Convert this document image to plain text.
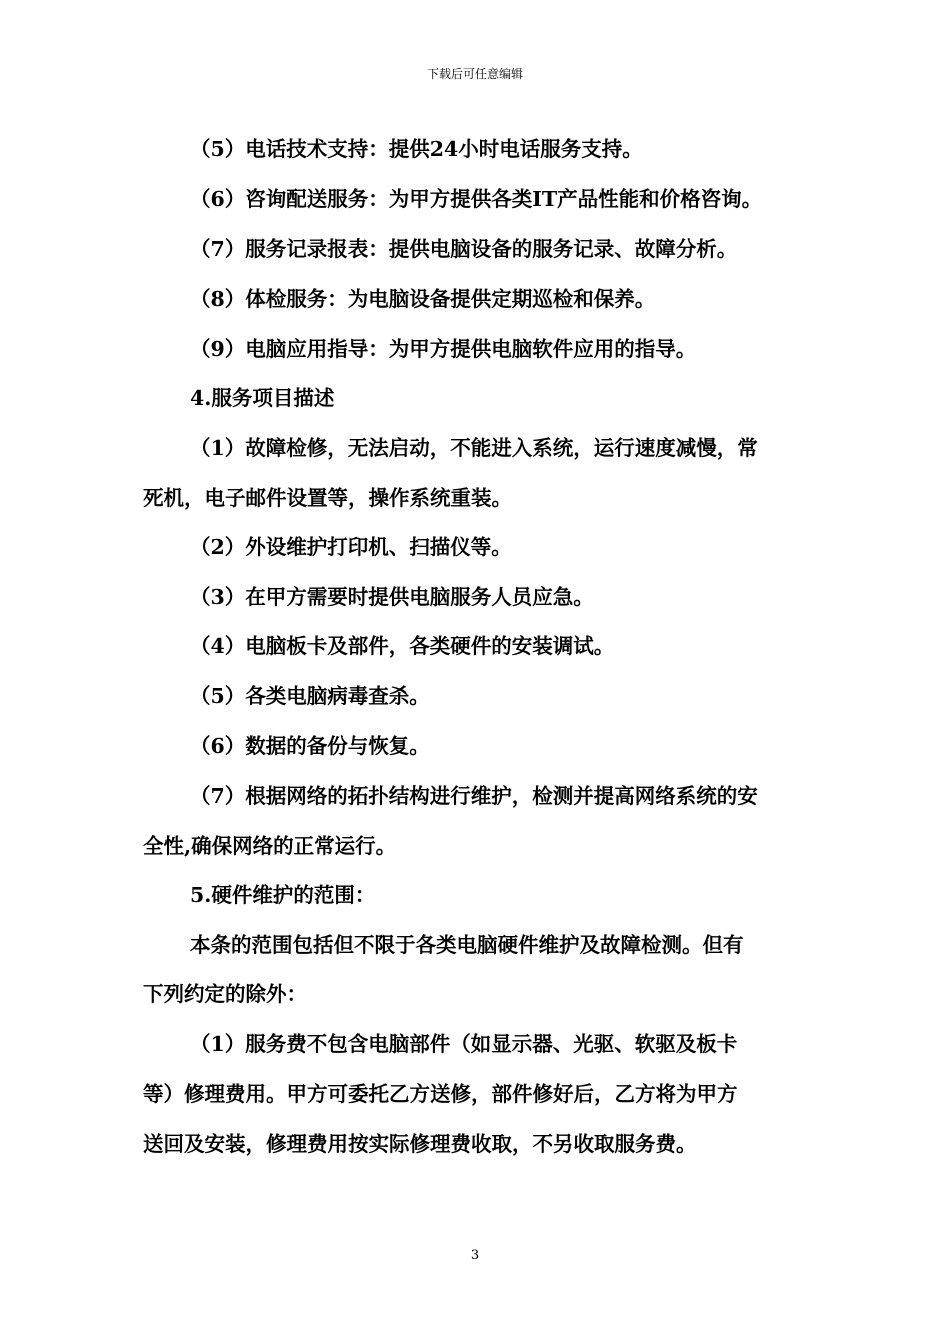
下载后可任意编辑
（5）电话技术支持：提供24小时电话服务支持。
（6）咨询配送服务：为甲方提供各类IT产品性能和价格咨询。
（7）服务记录报表：提供电脑设备的服务记录、故障分析。
（8）体检服务：为电脑设备提供定期巡检和保养。
（9）电脑应用指导：为甲方提供电脑软件应用的指导。
4.服务项目描述
（1）故障检修，无法启动，不能进入系统，运行速度减慢，常
死机，电子邮件设置等，操作系统重装。
（2）外设维护打印机、扫描仪等。
（3）在甲方需要时提供电脑服务人员应急。
（4）电脑板卡及部件，各类硬件的安装调试。
（5）各类电脑病毒查杀。
（6）数据的备份与恢复。
（7）根据网络的拓扑结构进行维护，检测并提高网络系统的安
全性,确保网络的正常运行。
5.硬件维护的范围：
本条的范围包括但不限于各类电脑硬件维护及故障检测。但有
下列约定的除外：
（1）服务费不包含电脑部件（如显示器、光驱、软驱及板卡
等）修理费用。甲方可委托乙方送修，部件修好后，乙方将为甲方
送回及安装，修理费用按实际修理费收取，不另收取服务费。
3
